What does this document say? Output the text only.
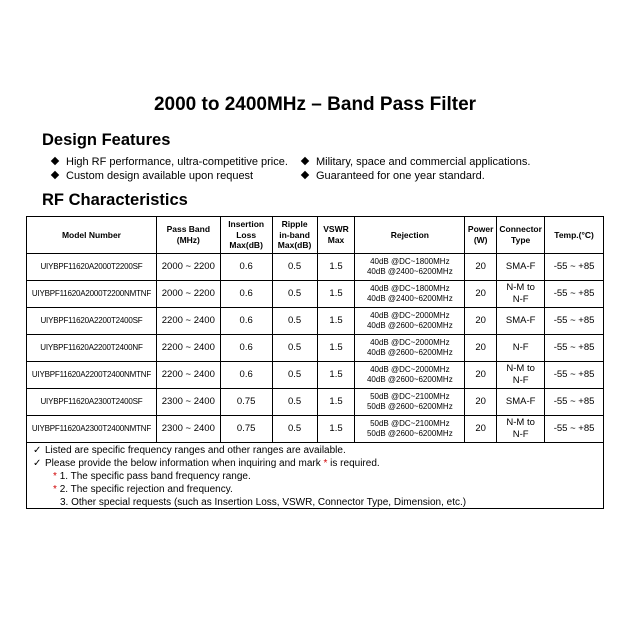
2000 to 2400MHz – Band Pass Filter
Design Features
High RF performance, ultra-competitive price.	Military, space and commercial applications.
Custom design available upon request	Guaranteed for one year standard.
RF Characteristics
Model Number	Pass Band
(MHz)	Insertion
Loss
Max(dB)	Ripple
in-band
Max(dB)	VSWR
Max	Rejection	Power
(W)	Connector
Type	Temp.(°C)
UIYBPF11620A2000T2200SF	2000 ~ 2200	0.6	0.5	1.5	40dB @DC~1800MHz
40dB @2400~6200MHz	20	SMA-F	-55 ~ +85
UIYBPF11620A2000T2200NMTNF	2000 ~ 2200	0.6	0.5	1.5	40dB @DC~1800MHz
40dB @2400~6200MHz	20	N-M to
N-F	-55 ~ +85
UIYBPF11620A2200T2400SF	2200 ~ 2400	0.6	0.5	1.5	40dB @DC~2000MHz
40dB @2600~6200MHz	20	SMA-F	-55 ~ +85
UIYBPF11620A2200T2400NF	2200 ~ 2400	0.6	0.5	1.5	40dB @DC~2000MHz
40dB @2600~6200MHz	20	N-F	-55 ~ +85
UIYBPF11620A2200T2400NMTNF	2200 ~ 2400	0.6	0.5	1.5	40dB @DC~2000MHz
40dB @2600~6200MHz	20	N-M to
N-F	-55 ~ +85
UIYBPF11620A2300T2400SF	2300 ~ 2400	0.75	0.5	1.5	50dB @DC~2100MHz
50dB @2600~6200MHz	20	SMA-F	-55 ~ +85
UIYBPF11620A2300T2400NMTNF	2300 ~ 2400	0.75	0.5	1.5	50dB @DC~2100MHz
50dB @2600~6200MHz	20	N-M to
N-F	-55 ~ +85
✓ Listed are specific frequency ranges and other ranges are available.
✓ Please provide the below information when inquiring and mark * is required.
* 1. The specific pass band frequency range.
* 2. The specific rejection and frequency.
3. Other special requests (such as Insertion Loss, VSWR, Connector Type, Dimension, etc.)
